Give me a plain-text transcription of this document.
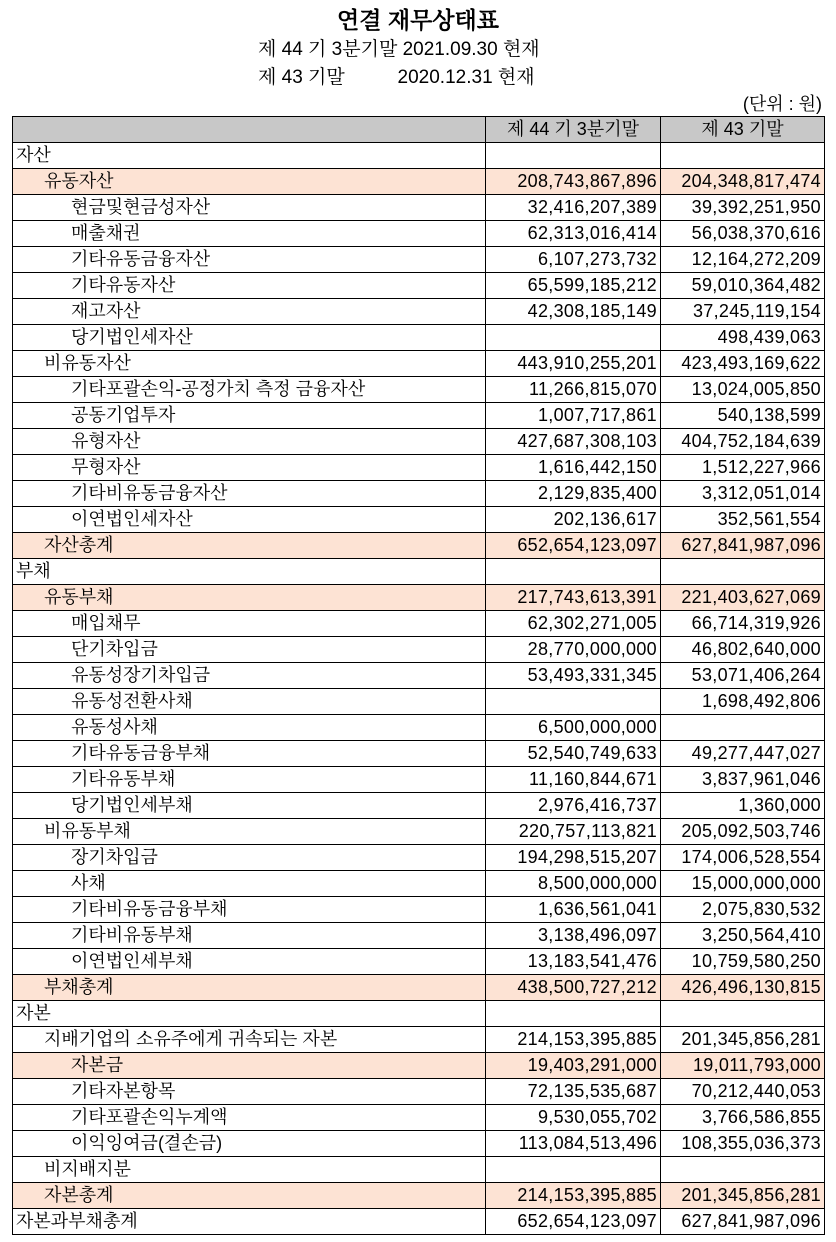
연결 재무상태표
제 44 기 3분기말 2021.09.30 현재
제 43 기말          2020.12.31 현재
(단위 : 원)
	제 44 기 3분기말	제 43 기말
자산		
유동자산	208,743,867,896	204,348,817,474
현금및현금성자산	32,416,207,389	39,392,251,950
매출채권	62,313,016,414	56,038,370,616
기타유동금융자산	6,107,273,732	12,164,272,209
기타유동자산	65,599,185,212	59,010,364,482
재고자산	42,308,185,149	37,245,119,154
당기법인세자산		498,439,063
비유동자산	443,910,255,201	423,493,169,622
기타포괄손익-공정가치 측정 금융자산	11,266,815,070	13,024,005,850
공동기업투자	1,007,717,861	540,138,599
유형자산	427,687,308,103	404,752,184,639
무형자산	1,616,442,150	1,512,227,966
기타비유동금융자산	2,129,835,400	3,312,051,014
이연법인세자산	202,136,617	352,561,554
자산총계	652,654,123,097	627,841,987,096
부채		
유동부채	217,743,613,391	221,403,627,069
매입채무	62,302,271,005	66,714,319,926
단기차입금	28,770,000,000	46,802,640,000
유동성장기차입금	53,493,331,345	53,071,406,264
유동성전환사채		1,698,492,806
유동성사채	6,500,000,000	
기타유동금융부채	52,540,749,633	49,277,447,027
기타유동부채	11,160,844,671	3,837,961,046
당기법인세부채	2,976,416,737	1,360,000
비유동부채	220,757,113,821	205,092,503,746
장기차입금	194,298,515,207	174,006,528,554
사채	8,500,000,000	15,000,000,000
기타비유동금융부채	1,636,561,041	2,075,830,532
기타비유동부채	3,138,496,097	3,250,564,410
이연법인세부채	13,183,541,476	10,759,580,250
부채총계	438,500,727,212	426,496,130,815
자본		
지배기업의 소유주에게 귀속되는 자본	214,153,395,885	201,345,856,281
자본금	19,403,291,000	19,011,793,000
기타자본항목	72,135,535,687	70,212,440,053
기타포괄손익누계액	9,530,055,702	3,766,586,855
이익잉여금(결손금)	113,084,513,496	108,355,036,373
비지배지분		
자본총계	214,153,395,885	201,345,856,281
자본과부채총계	652,654,123,097	627,841,987,096
